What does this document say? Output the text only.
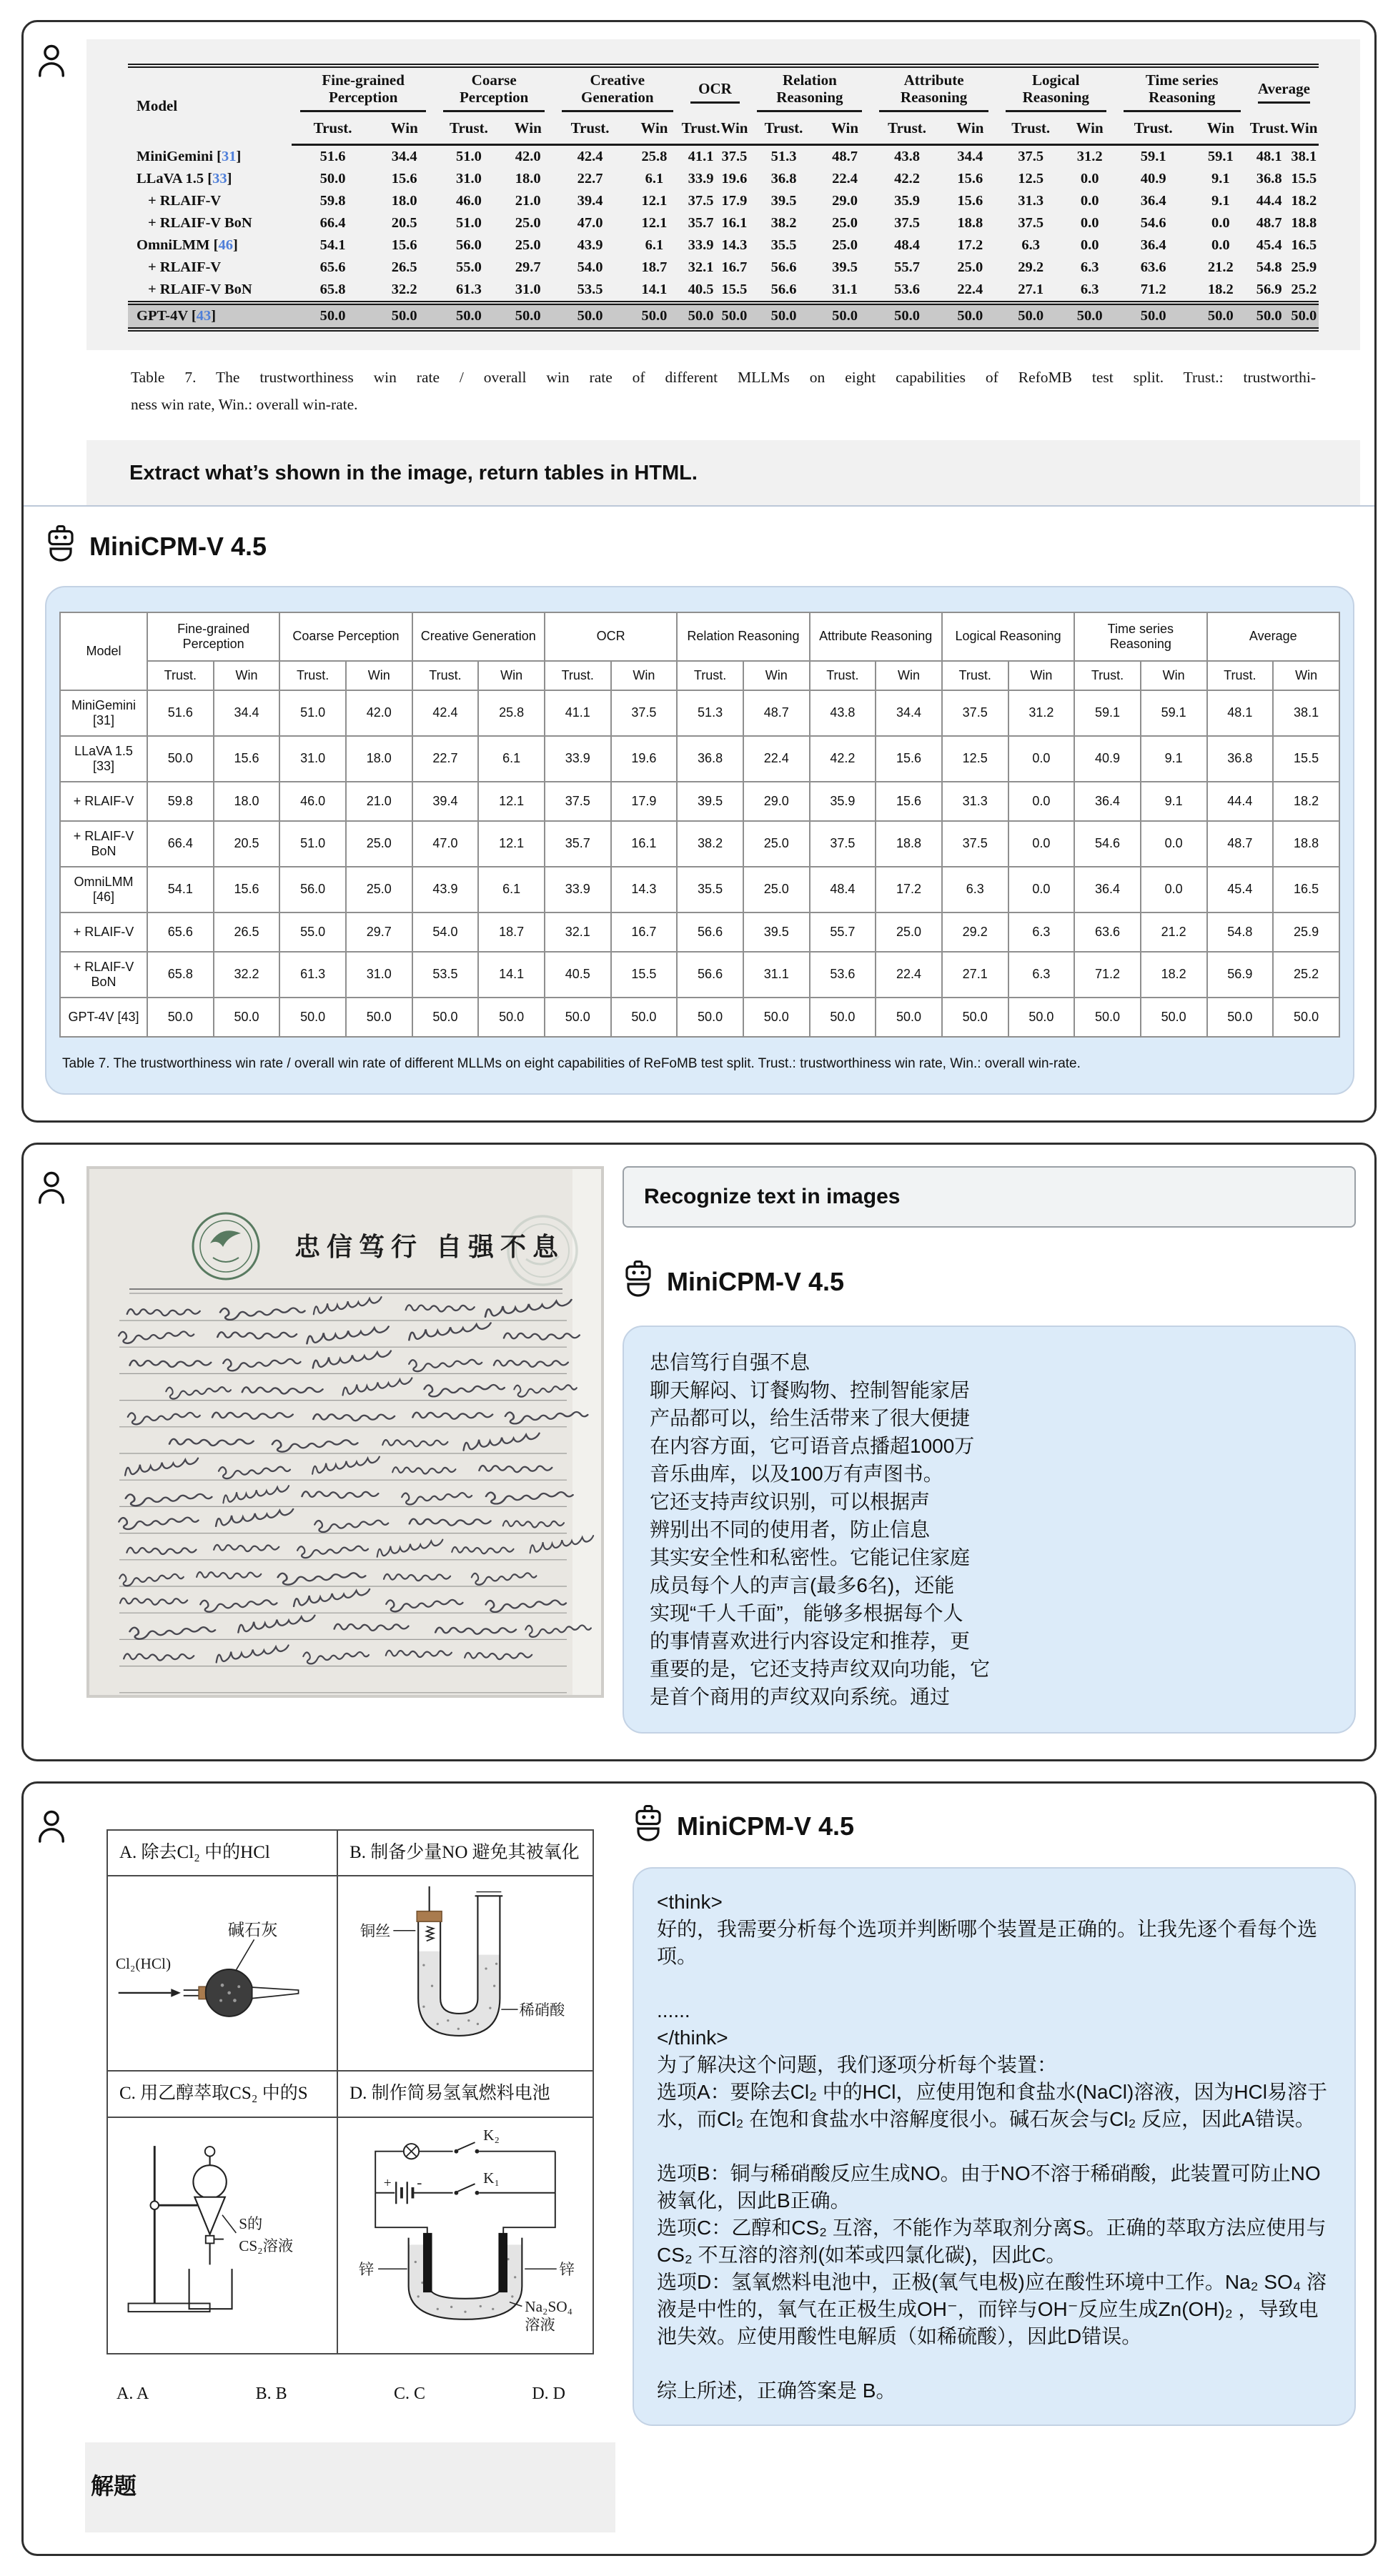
Model	Fine-grained Perception		Coarse Perception		Creative Generation		OCR		Relation Reasoning		Attribute Reasoning		Logical Reasoning		Time series Reasoning		Average	

	Trust.	Win	Trust.	Win	Trust.	Win	Trust.	Win	Trust.	Win	Trust.	Win	Trust.	Win	Trust.	Win	Trust.	Win
MiniGemini [31]	51.6	34.4	51.0	42.0	42.4	25.8	41.1	37.5	51.3	48.7	43.8	34.4	37.5	31.2	59.1	59.1	48.1	38.1
LLaVA 1.5 [33]	50.0	15.6	31.0	18.0	22.7	6.1	33.9	19.6	36.8	22.4	42.2	15.6	12.5	0.0	40.9	9.1	36.8	15.5
+ RLAIF-V	59.8	18.0	46.0	21.0	39.4	12.1	37.5	17.9	39.5	29.0	35.9	15.6	31.3	0.0	36.4	9.1	44.4	18.2
+ RLAIF-V BoN	66.4	20.5	51.0	25.0	47.0	12.1	35.7	16.1	38.2	25.0	37.5	18.8	37.5	0.0	54.6	0.0	48.7	18.8
OmniLMM [46]	54.1	15.6	56.0	25.0	43.9	6.1	33.9	14.3	35.5	25.0	48.4	17.2	6.3	0.0	36.4	0.0	45.4	16.5
+ RLAIF-V	65.6	26.5	55.0	29.7	54.0	18.7	32.1	16.7	56.6	39.5	55.7	25.0	29.2	6.3	63.6	21.2	54.8	25.9
+ RLAIF-V BoN	65.8	32.2	61.3	31.0	53.5	14.1	40.5	15.5	56.6	31.1	53.6	22.4	27.1	6.3	71.2	18.2	56.9	25.2
GPT-4V [43]	50.0	50.0	50.0	50.0	50.0	50.0	50.0	50.0	50.0	50.0	50.0	50.0	50.0	50.0	50.0	50.0	50.0	50.0
Table 7. The trustworthiness win rate / overall win rate of different MLLMs on eight capabilities of RefoMB test split. Trust.: trustworthi-
ness win rate, Win.: overall win-rate.
Extract what’s shown in the image, return tables in HTML.
MiniCPM-V 4.5
Model	Fine-grained Perception		Coarse Perception		Creative Generation		OCR		Relation Reasoning		Attribute Reasoning		Logical Reasoning		Time series Reasoning		Average	

	Trust.	Win	Trust.	Win	Trust.	Win	Trust.	Win	Trust.	Win	Trust.	Win	Trust.	Win	Trust.	Win	Trust.	Win
MiniGemini [31]	51.6	34.4	51.0	42.0	42.4	25.8	41.1	37.5	51.3	48.7	43.8	34.4	37.5	31.2	59.1	59.1	48.1	38.1
LLaVA 1.5 [33]	50.0	15.6	31.0	18.0	22.7	6.1	33.9	19.6	36.8	22.4	42.2	15.6	12.5	0.0	40.9	9.1	36.8	15.5
+ RLAIF-V	59.8	18.0	46.0	21.0	39.4	12.1	37.5	17.9	39.5	29.0	35.9	15.6	31.3	0.0	36.4	9.1	44.4	18.2
+ RLAIF-V BoN	66.4	20.5	51.0	25.0	47.0	12.1	35.7	16.1	38.2	25.0	37.5	18.8	37.5	0.0	54.6	0.0	48.7	18.8
OmniLMM [46]	54.1	15.6	56.0	25.0	43.9	6.1	33.9	14.3	35.5	25.0	48.4	17.2	6.3	0.0	36.4	0.0	45.4	16.5
+ RLAIF-V	65.6	26.5	55.0	29.7	54.0	18.7	32.1	16.7	56.6	39.5	55.7	25.0	29.2	6.3	63.6	21.2	54.8	25.9
+ RLAIF-V BoN	65.8	32.2	61.3	31.0	53.5	14.1	40.5	15.5	56.6	31.1	53.6	22.4	27.1	6.3	71.2	18.2	56.9	25.2
GPT-4V [43]	50.0	50.0	50.0	50.0	50.0	50.0	50.0	50.0	50.0	50.0	50.0	50.0	50.0	50.0	50.0	50.0	50.0	50.0
Table 7. The trustworthiness win rate / overall win rate of different MLLMs on eight capabilities of ReFoMB test split. Trust.: trustworthiness win rate, Win.: overall win-rate.
忠信笃行 自强不息
Recognize text in images
MiniCPM-V 4.5
忠信笃行自强不息
聊天解闷、订餐购物、控制智能家居
产品都可以，给生活带来了很大便捷
在内容方面，它可语音点播超1000万
音乐曲库，以及100万有声图书。
它还支持声纹识别，可以根据声
辨别出不同的使用者，防止信息
其实安全性和私密性。它能记住家庭
成员每个人的声言(最多6名)，还能
实现“千人千面”，能够多根据每个人
的事情喜欢进行内容设定和推荐，更
重要的是，它还支持声纹双向功能，它
是首个商用的声纹双向系统。通过
A. 除去Cl₂ 中的HCl	B. 制备少量NO 避免其被氧化

碱石灰
Cl₂(HCl)	铜丝
稀硝酸

C. 用乙醇萃取CS₂ 中的S	D. 制作简易氢氧燃料电池

S的
CS₂溶液

K₂
+ -	K₁
锌	锌
Na₂SO₄
溶液
A. A	B. B	C. C	D. D
解题
MiniCPM-V 4.5
<think>
好的，我需要分析每个选项并判断哪个装置是正确的。让我先逐个看每个选项。

......
</think>
为了解决这个问题，我们逐项分析每个装置：
选项A：要除去Cl₂ 中的HCl，应使用饱和食盐水(NaCl)溶液，因为HCl易溶于水，而Cl₂ 在饱和食盐水中溶解度很小。碱石灰会与Cl₂ 反应，因此A错误。

选项B：铜与稀硝酸反应生成NO。由于NO不溶于稀硝酸，此装置可防止NO被氧化，因此B正确。
选项C：乙醇和CS₂ 互溶，不能作为萃取剂分离S。正确的萃取方法应使用与CS₂ 不互溶的溶剂(如苯或四氯化碳)，因此C。
选项D：氢氧燃料电池中，正极(氧气电极)应在酸性环境中工作。Na₂ SO₄ 溶液是中性的，氧气在正极生成OH⁻，而锌与OH⁻反应生成Zn(OH)₂ ，导致电池失效。应使用酸性电解质（如稀硫酸），因此D错误。

综上所述，正确答案是 B。
